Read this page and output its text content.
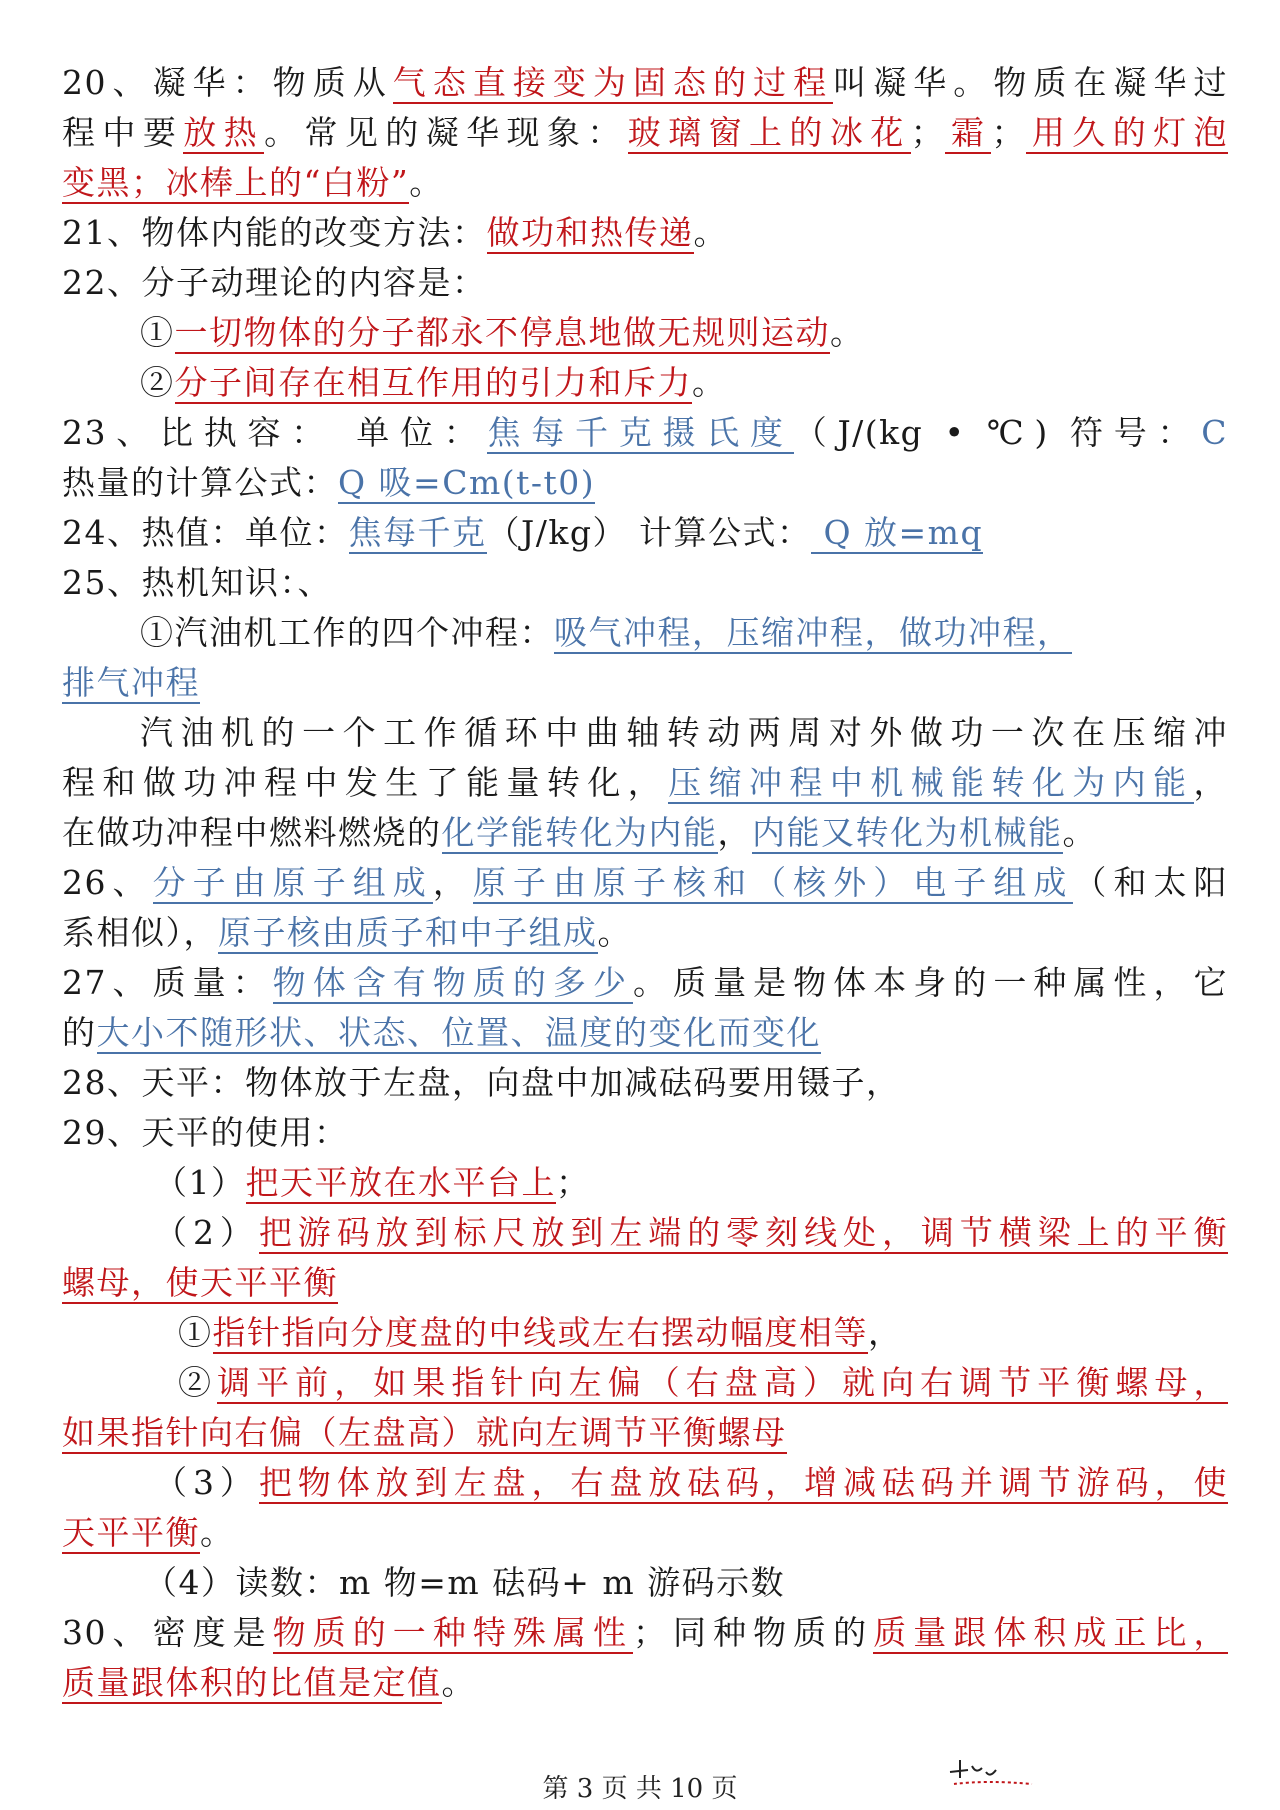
20、凝华：物质从气态直接变为固态的过程叫凝华。物质在凝华过
程中要放热。常见的凝华现象：玻璃窗上的冰花；霜；用久的灯泡
变黑；冰棒上的“白粉”。
21、物体内能的改变方法：做功和热传递。
22、分子动理论的内容是：
①一切物体的分子都永不停息地做无规则运动。
②分子间存在相互作用的引力和斥力。
23、比执容： 单位：焦每千克摄氏度（J/(kg • ℃) 符号：C
热量的计算公式：Q 吸=Cm(t-t0)
24、热值：单位：焦每千克（J/kg） 计算公式： Q 放=mq
25、热机知识：、
①汽油机工作的四个冲程：吸气冲程，压缩冲程，做功冲程，
排气冲程
汽油机的一个工作循环中曲轴转动两周对外做功一次在压缩冲
程和做功冲程中发生了能量转化，压缩冲程中机械能转化为内能，
在做功冲程中燃料燃烧的化学能转化为内能，内能又转化为机械能。
26、分子由原子组成，原子由原子核和（核外）电子组成（和太阳
系相似），原子核由质子和中子组成。
27、质量：物体含有物质的多少。质量是物体本身的一种属性，它
的大小不随形状、状态、位置、温度的变化而变化
28、天平：物体放于左盘，向盘中加减砝码要用镊子，
29、天平的使用：
（1）把天平放在水平台上；
（2）把游码放到标尺放到左端的零刻线处，调节横梁上的平衡
螺母，使天平平衡
①指针指向分度盘的中线或左右摆动幅度相等，
②调平前，如果指针向左偏（右盘高）就向右调节平衡螺母，
如果指针向右偏（左盘高）就向左调节平衡螺母
（3）把物体放到左盘，右盘放砝码，增减砝码并调节游码，使
天平平衡。
（4）读数：m 物=m 砝码+ m 游码示数
30、密度是物质的一种特殊属性；同种物质的质量跟体积成正比，
质量跟体积的比值是定值。
第 3 页 共 10 页
